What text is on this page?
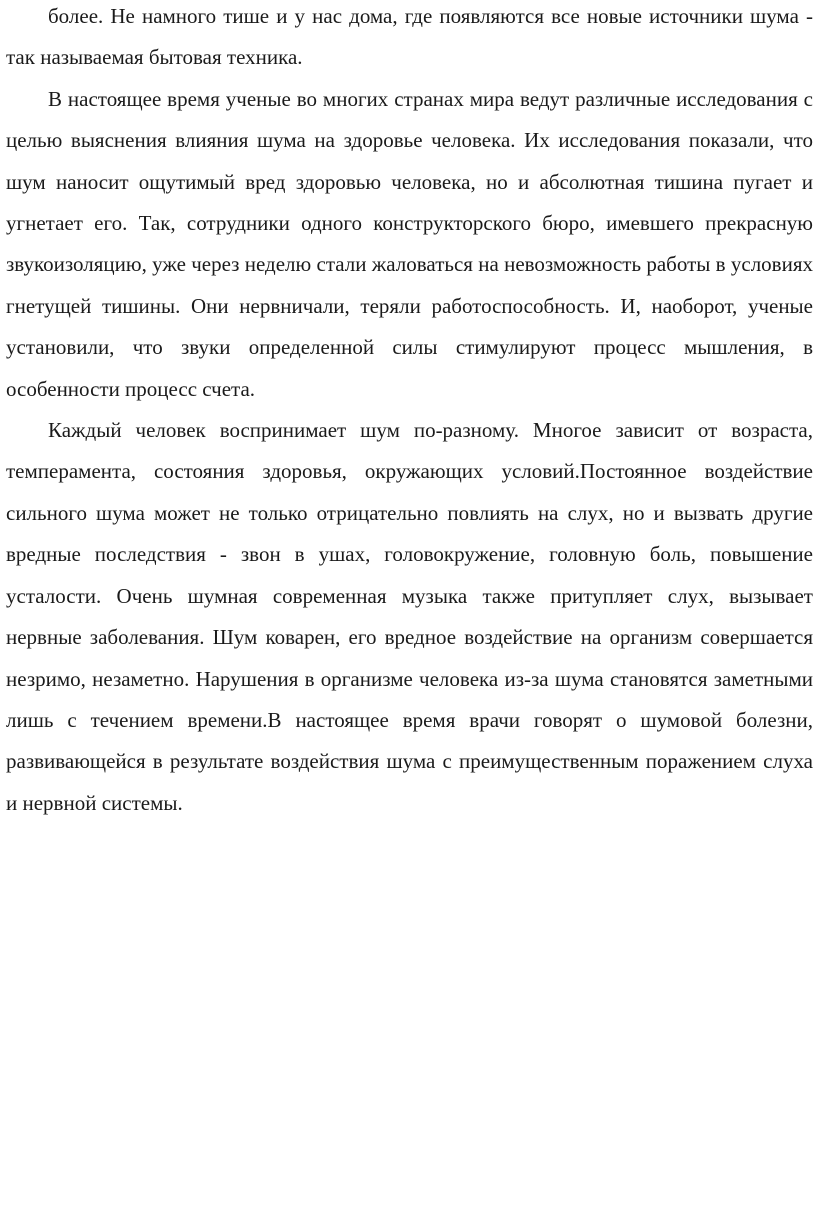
более. Не намного тише и у нас дома, где появляются все новые источники шума - так называемая бытовая техника.

В настоящее время ученые во многих странах мира ведут различные исследования с целью выяснения влияния шума на здоровье человека. Их исследования показали, что шум наносит ощутимый вред здоровью человека, но и абсолютная тишина пугает и угнетает его. Так, сотрудники одного конструкторского бюро, имевшего прекрасную звукоизоляцию, уже через неделю стали жаловаться на невозможность работы в условиях гнетущей тишины. Они нервничали, теряли работоспособность. И, наоборот, ученые установили, что звуки определенной силы стимулируют процесс мышления, в особенности процесс счета.

Каждый человек воспринимает шум по-разному. Многое зависит от возраста, темперамента, состояния здоровья, окружающих условий.Постоянное воздействие сильного шума может не только отрицательно повлиять на слух, но и вызвать другие вредные последствия - звон в ушах, головокружение, головную боль, повышение усталости. Очень шумная современная музыка также притупляет слух, вызывает нервные заболевания. Шум коварен, его вредное воздействие на организм совершается незримо, незаметно. Нарушения в организме человека из-за шума становятся заметными лишь с течением времени.В настоящее время врачи говорят о шумовой болезни, развивающейся в результате воздействия шума с преимущественным поражением слуха и нервной системы.
